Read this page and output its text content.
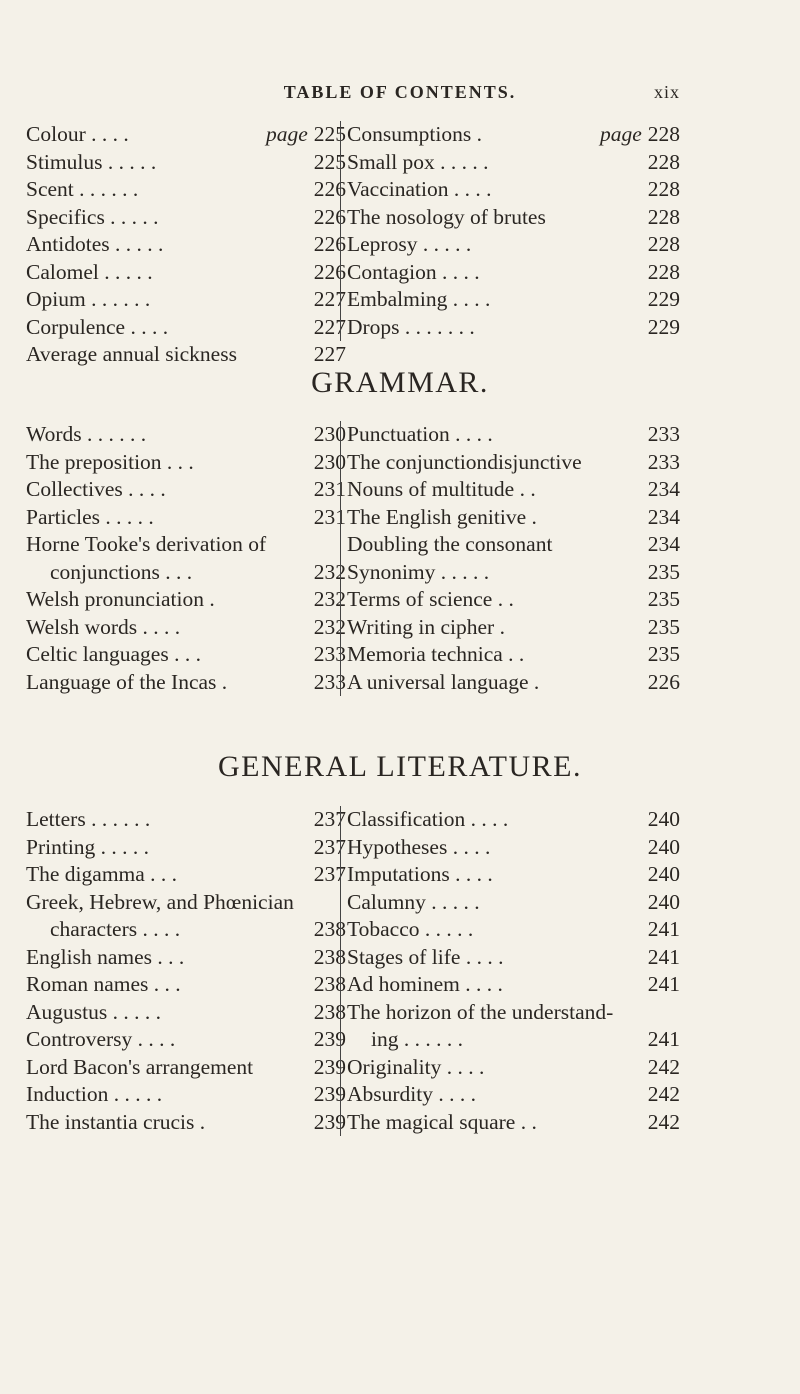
TABLE OF CONTENTS.	xix
Colour . . . .	page 225
Stimulus . . . . .	225
Scent . . . . . .	226
Specifics . . . . .	226
Antidotes . . . . .	226
Calomel . . . . .	226
Opium . . . . . .	227
Corpulence . . . .	227
Average annual sickness	227
Consumptions .	page 228
Small pox . . . . .	228
Vaccination . . . .	228
The nosology of brutes	228
Leprosy . . . . .	228
Contagion . . . .	228
Embalming . . . .	229
Drops . . . . . . .	229
GRAMMAR.
Words . . . . . .	230
The preposition . . .	230
Collectives . . . .	231
Particles . . . . .	231
Horne Tooke's derivation of
conjunctions . . .	232
Welsh pronunciation .	232
Welsh words . . . .	232
Celtic languages . . .	233
Language of the Incas .	233
Punctuation . . . .	233
The conjunctiondisjunctive	233
Nouns of multitude . .	234
The English genitive .	234
Doubling the consonant	234
Synonimy . . . . .	235
Terms of science . .	235
Writing in cipher .	235
Memoria technica . .	235
A universal language .	226
GENERAL LITERATURE.
Letters . . . . . .	237
Printing . . . . .	237
The digamma . . .	237
Greek, Hebrew, and Phœnician
characters . . . .	238
English names . . .	238
Roman names . . .	238
Augustus . . . . .	238
Controversy . . . .	239
Lord Bacon's arrangement	239
Induction . . . . .	239
The instantia crucis .	239
Classification . . . .	240
Hypotheses . . . .	240
Imputations . . . .	240
Calumny . . . . .	240
Tobacco . . . . .	241
Stages of life . . . .	241
Ad hominem . . . .	241
The horizon of the understand-
ing . . . . . .	241
Originality . . . .	242
Absurdity . . . .	242
The magical square . .	242
